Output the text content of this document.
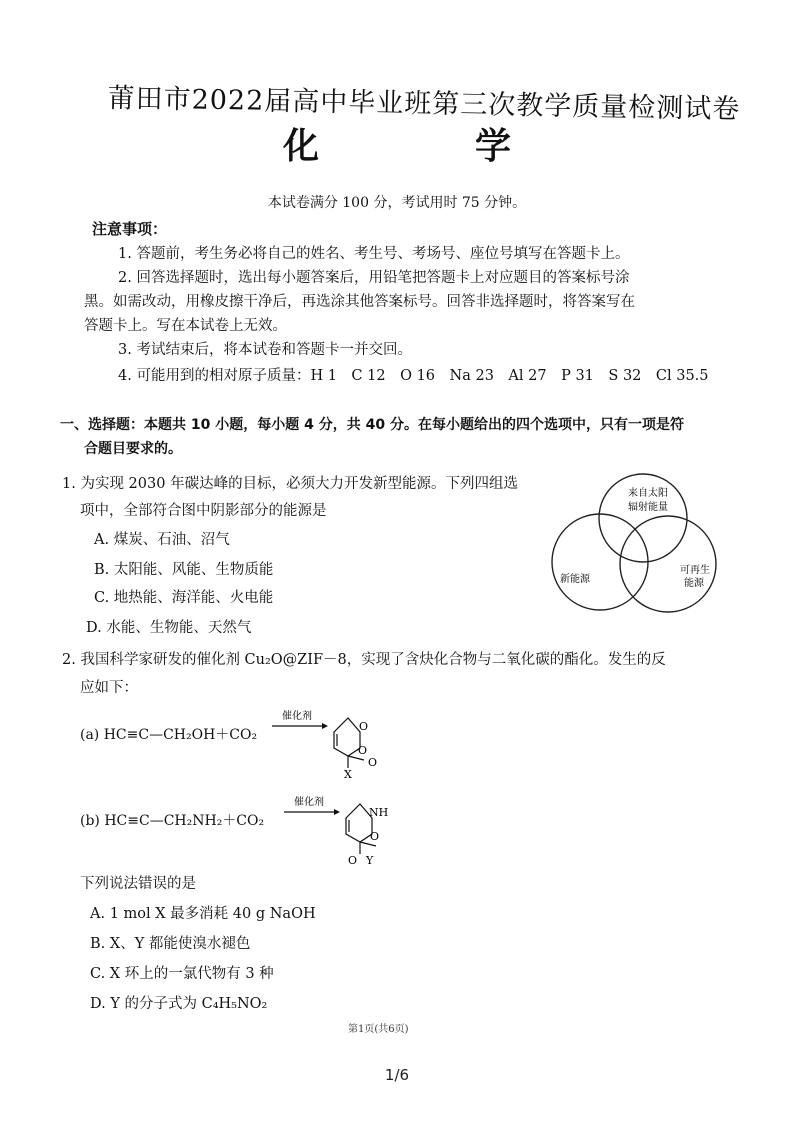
莆田市2022届高中毕业班第三次教学质量检测试卷
化　学
本试卷满分 100 分，考试用时 75 分钟。
注意事项：
1. 答题前，考生务必将自己的姓名、考生号、考场号、座位号填写在答题卡上。
2. 回答选择题时，选出每小题答案后，用铅笔把答题卡上对应题目的答案标号涂
黑。如需改动，用橡皮擦干净后，再选涂其他答案标号。回答非选择题时，将答案写在
答题卡上。写在本试卷上无效。
3. 考试结束后，将本试卷和答题卡一并交回。
4. 可能用到的相对原子质量：H 1　C 12　O 16　Na 23　Al 27　P 31　S 32　Cl 35.5
一、选择题：本题共 10 小题，每小题 4 分，共 40 分。在每小题给出的四个选项中，只有一项是符
合题目要求的。
1. 为实现 2030 年碳达峰的目标，必须大力开发新型能源。下列四组选
项中，全部符合图中阴影部分的能源是
A. 煤炭、石油、沼气
B. 太阳能、风能、生物质能
C. 地热能、海洋能、火电能
D. 水能、生物能、天然气
来自太阳
辐射能量
新能源
可再生
能源
2. 我国科学家研发的催化剂 Cu₂O@ZIF－8，实现了含炔化合物与二氧化碳的酯化。发生的反
应如下：
(a) HC≡C—CH₂OH＋CO₂
催化剂
O
O
O
X
(b) HC≡C—CH₂NH₂＋CO₂
催化剂
NH
O
O Y
下列说法错误的是
A. 1 mol X 最多消耗 40 g NaOH
B. X、Y 都能使溴水褪色
C. X 环上的一氯代物有 3 种
D. Y 的分子式为 C₄H₅NO₂
第1页(共6页)
1/6
